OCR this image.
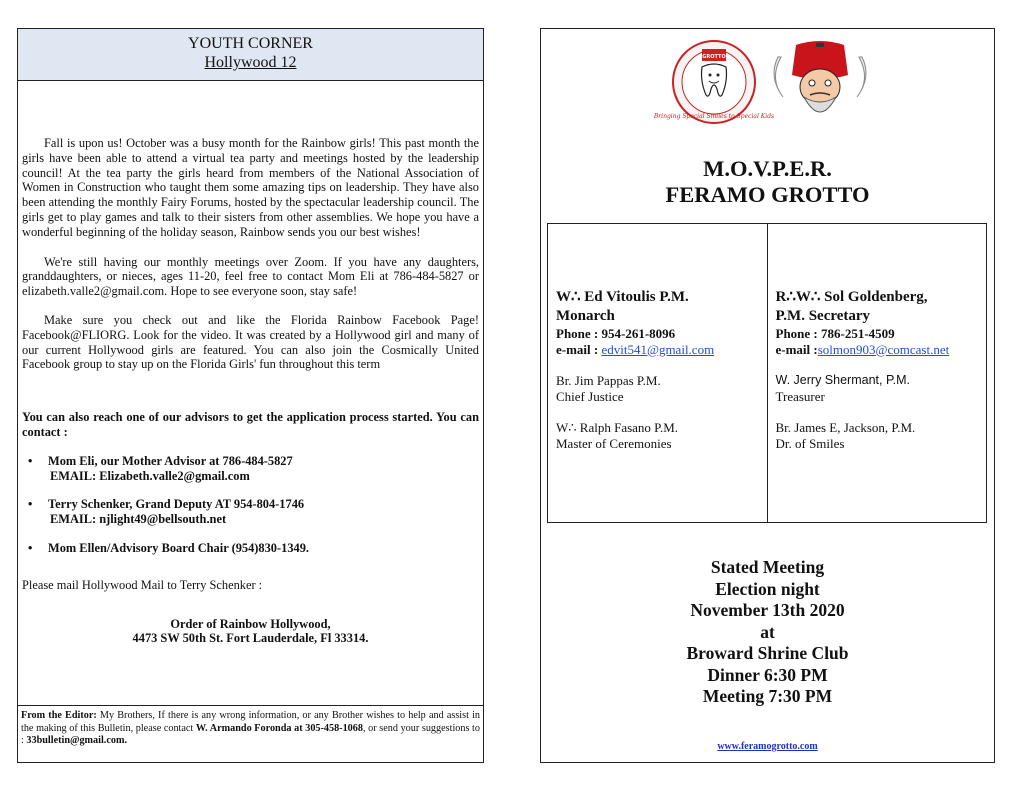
YOUTH CORNER
Hollywood 12

Fall is upon us! October was a busy month for the Rainbow girls! This past month the girls have been able to attend a virtual tea party and meetings hosted by the leadership council! At the tea party the girls heard from members of the National Association of Women in Construction who taught them some amazing tips on leadership. They have also been attending the monthly Fairy Forums, hosted by the spectacular leadership council. The girls get to play games and talk to their sisters from other assemblies. We hope you have a wonderful beginning of the holiday season, Rainbow sends you our best wishes!

We're still having our monthly meetings over Zoom. If you have any daughters, granddaughters, or nieces, ages 11-20, feel free to contact Mom Eli at 786-484-5827 or elizabeth.valle2@gmail.com. Hope to see everyone soon, stay safe!

Make sure you check out and like the Florida Rainbow Facebook Page! Facebook@FLIORG. Look for the video. It was created by a Hollywood girl and many of our current Hollywood girls are featured. You can also join the Cosmically United Facebook group to stay up on the Florida Girls' fun throughout this term

You can also reach one of our advisors to get the application process started. You can contact :
• Mom Eli, our Mother Advisor at 786-484-5827
EMAIL: Elizabeth.valle2@gmail.com
• Terry Schenker, Grand Deputy AT 954-804-1746
EMAIL: njlight49@bellsouth.net
• Mom Ellen/Advisory Board Chair (954)830-1349.
Please mail Hollywood Mail to Terry Schenker :
Order of Rainbow Hollywood,
4473 SW 50th St. Fort Lauderdale, Fl 33314.
From the Editor: My Brothers, If there is any wrong information, or any Brother wishes to help and assist in the making of this Bulletin, please contact W. Armando Foronda at 305-458-1068, or send your suggestions to : 33bulletin@gmail.com.
GROTTO
Bringing Special Smiles to Special Kids
M.O.V.P.E.R.
FERAMO GROTTO
W∴ Ed Vitoulis P.M.
Monarch
Phone : 954-261-8096
e-mail : edvit541@gmail.com
Br. Jim Pappas P.M.
Chief Justice
W∴ Ralph Fasano P.M.
Master of Ceremonies
R∴W∴ Sol Goldenberg,
P.M. Secretary
Phone : 786-251-4509
e-mail :solmon903@comcast.net
W. Jerry Shermant, P.M.
Treasurer
Br. James E, Jackson, P.M.
Dr. of Smiles
Stated Meeting
Election night
November 13th 2020
at
Broward Shrine Club
Dinner 6:30 PM
Meeting 7:30 PM
www.feramogrotto.com
